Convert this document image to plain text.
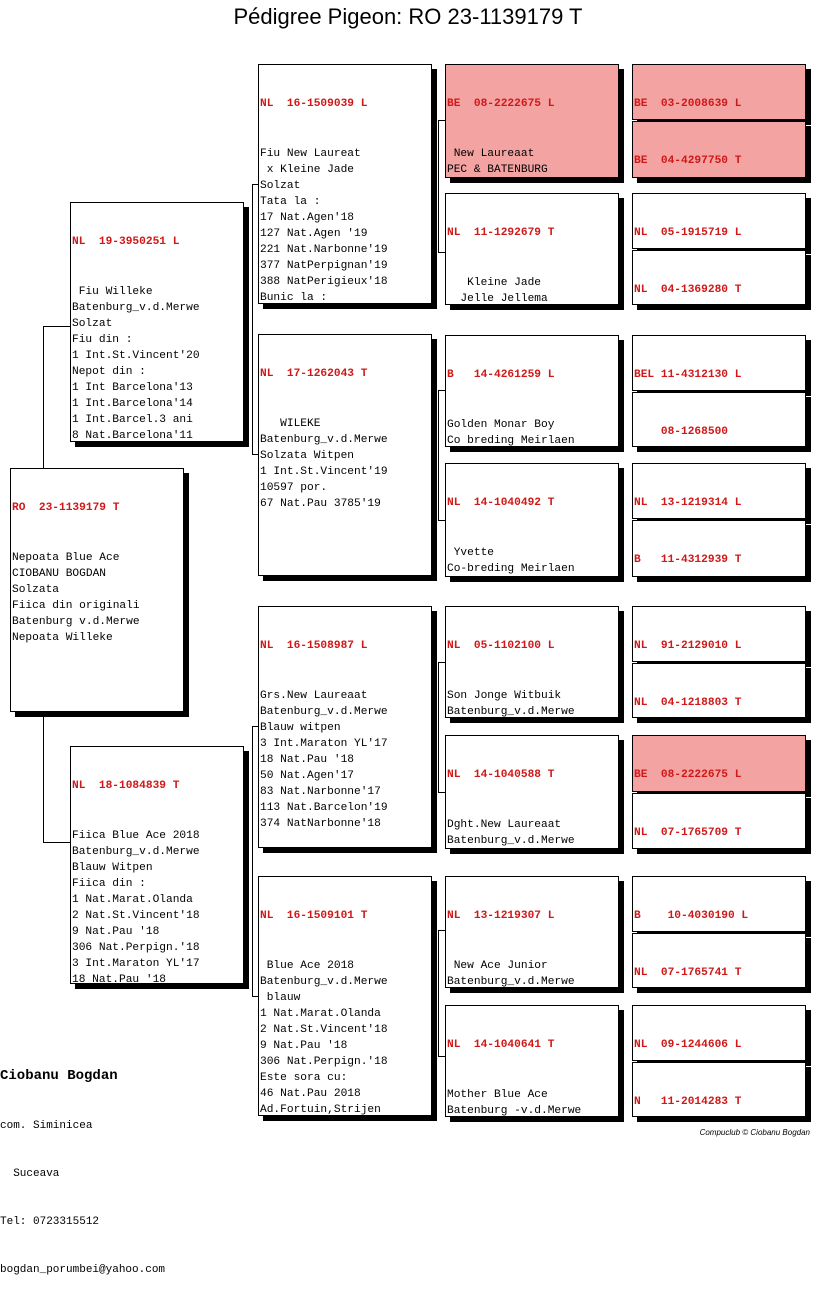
Pédigree Pigeon: RO 23-1139179 T

RO  23-1139179 T

Nepoata Blue Ace
CIOBANU BOGDAN
Solzata
Fiica din originali
Batenburg v.d.Merwe
Nepoata Willeke

NL  19-3950251 L

Fiu Willeke
Batenburg_v.d.Merwe
Solzat
Fiu din :
1 Int.St.Vincent'20
Nepot din :
1 Int Barcelona'13
1 Int.Barcelona'14
1 Int.Barcel.3 ani
8 Nat.Barcelona'11

NL  18-1084839 T

Fiica Blue Ace 2018
Batenburg_v.d.Merwe
Blauw Witpen
Fiica din :
1 Nat.Marat.Olanda
2 Nat.St.Vincent'18
9 Nat.Pau '18
306 Nat.Perpign.'18
3 Int.Maraton YL'17
18 Nat.Pau '18

NL  16-1509039 L

Fiu New Laureat
x Kleine Jade
Solzat
Tata la :
17 Nat.Agen'18
127 Nat.Agen '19
221 Nat.Narbonne'19
377 NatPerpignan'19
388 NatPerigieux'18
Bunic la :

NL  17-1262043 T

WILEKE
Batenburg_v.d.Merwe
Solzata Witpen
1 Int.St.Vincent'19
10597 por.
67 Nat.Pau 3785'19

NL  16-1508987 L

Grs.New Laureaat
Batenburg_v.d.Merwe
Blauw witpen
3 Int.Maraton YL'17
18 Nat.Pau '18
50 Nat.Agen'17
83 Nat.Narbonne'17
113 Nat.Barcelon'19
374 NatNarbonne'18

NL  16-1509101 T

Blue Ace 2018
Batenburg_v.d.Merwe
blauw
1 Nat.Marat.Olanda
2 Nat.St.Vincent'18
9 Nat.Pau '18
306 Nat.Perpign.'18
Este sora cu:
46 Nat.Pau 2018
Ad.Fortuin,Strijen

BE  08-2222675 L

New Laureaat
PEC & BATENBURG

NL  11-1292679 T

Kleine Jade
Jelle Jellema

B   14-4261259 L

Golden Monar Boy
Co breding Meirlaen

NL  14-1040492 T

Yvette
Co-breding Meirlaen

NL  05-1102100 L

Son Jonge Witbuik
Batenburg_v.d.Merwe

NL  14-1040588 T

Dght.New Laureaat
Batenburg_v.d.Merwe

NL  13-1219307 L

New Ace Junior
Batenburg_v.d.Merwe

NL  14-1040641 T

Mother Blue Ace
Batenburg -v.d.Merwe

BE  03-2008639 L

BE  04-4297750 T

NL  05-1915719 L

NL  04-1369280 T

BEL 11-4312130 L

08-1268500

NL  13-1219314 L

B   11-4312939 T

NL  91-2129010 L

NL  04-1218803 T

BE  08-2222675 L

NL  07-1765709 T

B    10-4030190 L

NL  07-1765741 T

NL  09-1244606 L

N   11-2014283 T

Ciobanu Bogdan

com. Siminicea

Suceava

Tel: 0723315512

bogdan_porumbei@yahoo.com

Compuclub © Ciobanu Bogdan
